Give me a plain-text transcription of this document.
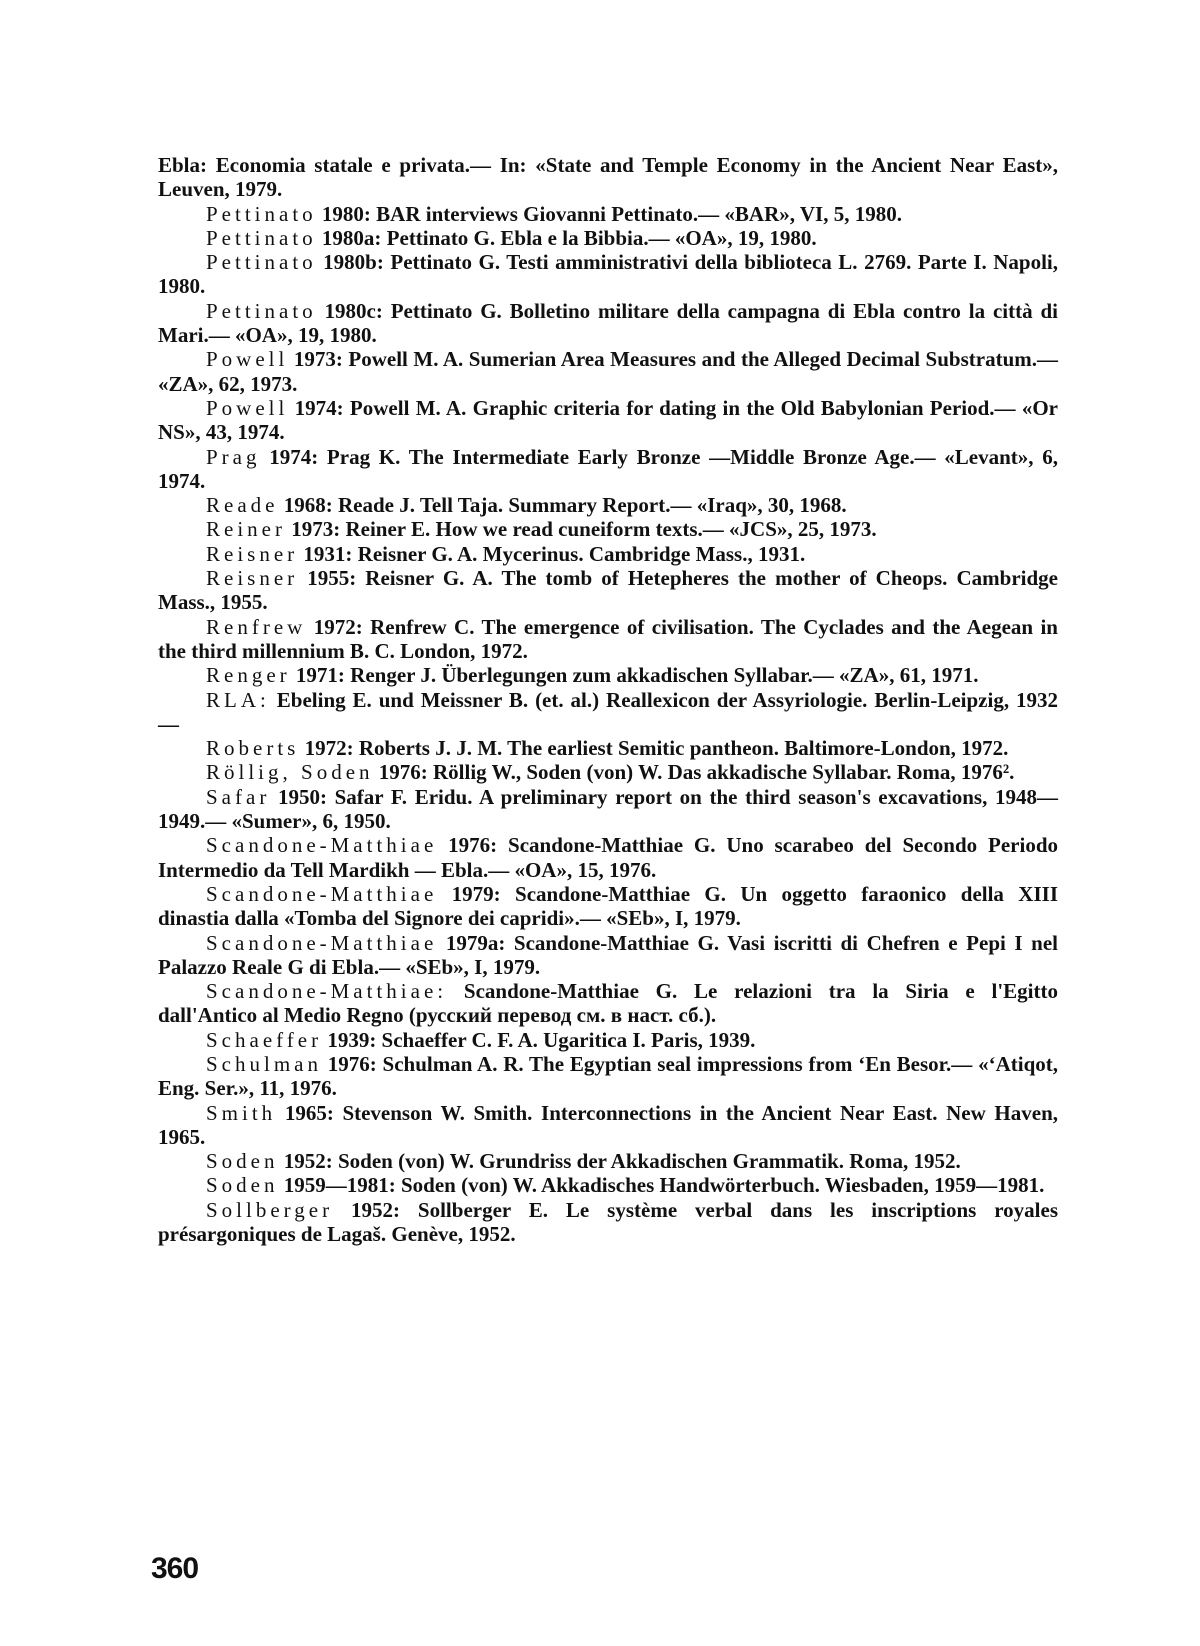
Ebla: Economia statale e privata.— In: «State and Temple Economy in the Ancient Near East», Leuven, 1979.

Pettinato 1980: BAR interviews Giovanni Pettinato.— «BAR», VI, 5, 1980.

Pettinato 1980a: Pettinato G. Ebla e la Bibbia.— «OA», 19, 1980.

Pettinato 1980b: Pettinato G. Testi amministrativi della biblioteca L. 2769. Parte I. Napoli, 1980.

Pettinato 1980c: Pettinato G. Bolletino militare della campagna di Ebla contro la città di Mari.— «OA», 19, 1980.

Powell 1973: Powell M. A. Sumerian Area Measures and the Alleged Decimal Substratum.— «ZA», 62, 1973.

Powell 1974: Powell M. A. Graphic criteria for dating in the Old Babylonian Period.— «Or NS», 43, 1974.

Prag 1974: Prag K. The Intermediate Early Bronze —Middle Bronze Age.— «Levant», 6, 1974.

Reade 1968: Reade J. Tell Taja. Summary Report.— «Iraq», 30, 1968.

Reiner 1973: Reiner E. How we read cuneiform texts.— «JCS», 25, 1973.

Reisner 1931: Reisner G. A. Mycerinus. Cambridge Mass., 1931.

Reisner 1955: Reisner G. A. The tomb of Hetepheres the mother of Cheops. Cambridge Mass., 1955.

Renfrew 1972: Renfrew C. The emergence of civilisation. The Cyclades and the Aegean in the third millennium B. C. London, 1972.

Renger 1971: Renger J. Überlegungen zum akkadischen Syllabar.— «ZA», 61, 1971.

RLA: Ebeling E. und Meissner B. (et. al.) Reallexicon der Assyriologie. Berlin-Leipzig, 1932—

Roberts 1972: Roberts J. J. M. The earliest Semitic pantheon. Baltimore-London, 1972.

Röllig, Soden 1976: Röllig W., Soden (von) W. Das akkadische Syllabar. Roma, 1976².

Safar 1950: Safar F. Eridu. A preliminary report on the third season's excavations, 1948—1949.— «Sumer», 6, 1950.

Scandone-Matthiae 1976: Scandone-Matthiae G. Uno scarabeo del Secondo Periodo Intermedio da Tell Mardikh — Ebla.— «OA», 15, 1976.

Scandone-Matthiae 1979: Scandone-Matthiae G. Un oggetto faraonico della XIII dinastia dalla «Tomba del Signore dei capridi».— «SEb», I, 1979.

Scandone-Matthiae 1979a: Scandone-Matthiae G. Vasi iscritti di Chefren e Pepi I nel Palazzo Reale G di Ebla.— «SEb», I, 1979.

Scandone-Matthiae: Scandone-Matthiae G. Le relazioni tra la Siria e l'Egitto dall'Antico al Medio Regno (русский перевод см. в наст. сб.).

Schaeffer 1939: Schaeffer C. F. A. Ugaritica I. Paris, 1939.

Schulman 1976: Schulman A. R. The Egyptian seal impressions from ‘En Besor.— «‘Atiqot, Eng. Ser.», 11, 1976.

Smith 1965: Stevenson W. Smith. Interconnections in the Ancient Near East. New Haven, 1965.

Soden 1952: Soden (von) W. Grundriss der Akkadischen Grammatik. Roma, 1952.

Soden 1959—1981: Soden (von) W. Akkadisches Handwörterbuch. Wiesbaden, 1959—1981.

Sollberger 1952: Sollberger E. Le système verbal dans les inscriptions royales présargoniques de Lagaš. Genève, 1952.

360
